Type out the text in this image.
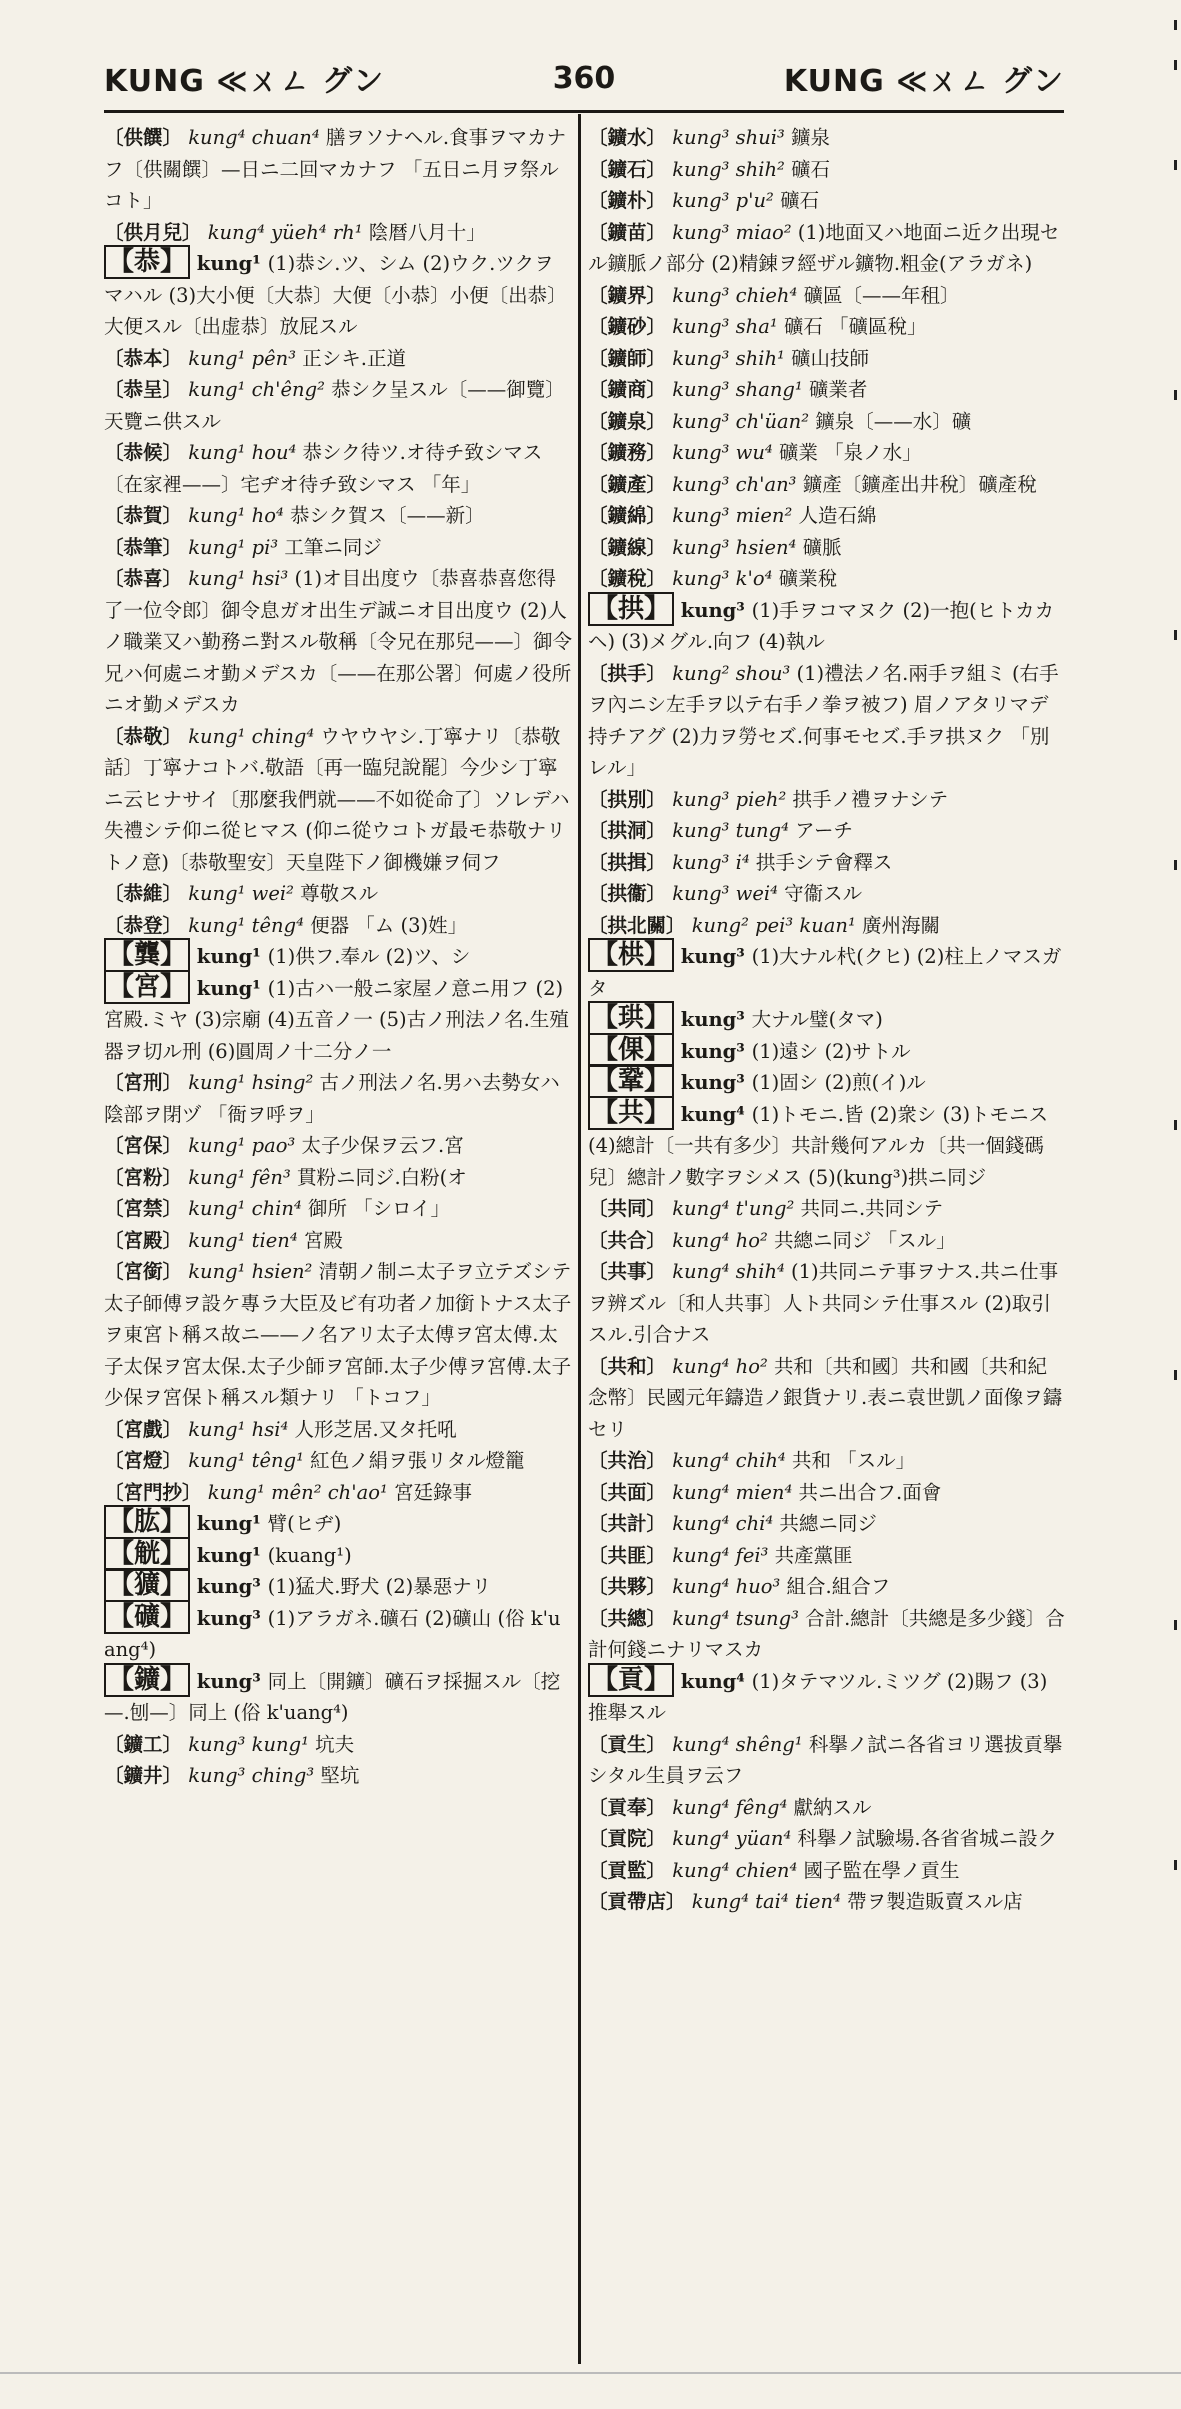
KUNG ≪ㄨㄥ グン	360	KUNG ≪ㄨㄥ グン

〔供饌〕 kung⁴ chuan⁴ 膳ヲソナヘル.食事ヲマカナフ〔供關饌〕—日ニ二回マカナフ 「五日ニ月ヲ祭ルコト」

〔供月兒〕 kung⁴ yüeh⁴ rh¹ 陰暦八月十」

【恭】 kung¹ (1)恭シ.ツ、シム (2)ウク.ツクヲマハル (3)大小便〔大恭〕大便〔小恭〕小便〔出恭〕大便スル〔出虚恭〕放屁スル

〔恭本〕 kung¹ pên³ 正シキ.正道

〔恭呈〕 kung¹ ch'êng² 恭シク呈スル〔——御覽〕天覽ニ供スル

〔恭候〕 kung¹ hou⁴ 恭シク待ツ.オ待チ致シマス〔在家裡——〕宅ヂオ待チ致シマス 「年」

〔恭賀〕 kung¹ ho⁴ 恭シク賀ス〔——新〕

〔恭筆〕 kung¹ pi³ 工筆ニ同ジ

〔恭喜〕 kung¹ hsi³ (1)オ目出度ウ〔恭喜恭喜您得了一位令郎〕御令息ガオ出生デ誠ニオ目出度ウ (2)人ノ職業又ハ勤務ニ對スル敬稱〔令兄在那兒——〕御令兄ハ何處ニオ勤メデスカ〔——在那公署〕何處ノ役所ニオ勤メデスカ

〔恭敬〕 kung¹ ching⁴ ウヤウヤシ.丁寧ナリ〔恭敬話〕丁寧ナコトバ.敬語〔再一臨兒說罷〕今少シ丁寧ニ云ヒナサイ〔那麼我們就——不如從命了〕ソレデハ失禮シテ仰ニ從ヒマス (仰ニ從ウコトガ最モ恭敬ナリトノ意)〔恭敬聖安〕天皇陛下ノ御機嫌ヲ伺フ

〔恭維〕 kung¹ wei² 尊敬スル

〔恭登〕 kung¹ têng⁴ 便器 「ム (3)姓」

【龔】 kung¹ (1)供フ.奉ル (2)ツ、シ

【宮】 kung¹ (1)古ハ一般ニ家屋ノ意ニ用フ (2)宮殿.ミヤ (3)宗廟 (4)五音ノ一 (5)古ノ刑法ノ名.生殖器ヲ切ル刑 (6)圓周ノ十二分ノ一

〔宮刑〕 kung¹ hsing² 古ノ刑法ノ名.男ハ去勢女ハ陰部ヲ閉ヅ 「衙ヲ呼ヲ」

〔宮保〕 kung¹ pao³ 太子少保ヲ云フ.宮

〔宮粉〕 kung¹ fên³ 貫粉ニ同ジ.白粉(オ

〔宮禁〕 kung¹ chin⁴ 御所 「シロイ」

〔宮殿〕 kung¹ tien⁴ 宮殿

〔宮銜〕 kung¹ hsien² 清朝ノ制ニ太子ヲ立テズシテ太子師傅ヲ設ケ專ラ大臣及ビ有功者ノ加銜トナス太子ヲ東宮ト稱ス故ニ——ノ名アリ太子太傅ヲ宮太傅.太子太保ヲ宮太保.太子少師ヲ宮師.太子少傅ヲ宮傅.太子少保ヲ宮保ト稱スル類ナリ 「トコフ」

〔宮戲〕 kung¹ hsi⁴ 人形芝居.又タ托吼

〔宮燈〕 kung¹ têng¹ 紅色ノ絹ヲ張リタル燈籠

〔宮門抄〕 kung¹ mên² ch'ao¹ 宮廷錄事

【肱】 kung¹ 臂(ヒヂ)

【觥】 kung¹ (kuang¹)

【獷】 kung³ (1)猛犬.野犬 (2)暴惡ナリ

【礦】 kung³ (1)アラガネ.礦石 (2)礦山 (俗 k'uang⁴)

【鑛】 kung³ 同上〔開鑛〕礦石ヲ採掘スル〔挖—.刨—〕同上 (俗 k'uang⁴)

〔鑛工〕 kung³ kung¹ 坑夫

〔鑛井〕 kung³ ching³ 堅坑

〔鑛水〕 kung³ shui³ 鑛泉

〔鑛石〕 kung³ shih² 礦石

〔鑛朴〕 kung³ p'u² 礦石

〔鑛苗〕 kung³ miao² (1)地面又ハ地面ニ近ク出現セル鑛脈ノ部分 (2)精錬ヲ經ザル鑛物.粗金(アラガネ)

〔鑛界〕 kung³ chieh⁴ 礦區〔——年租〕

〔鑛砂〕 kung³ sha¹ 礦石 「礦區稅」

〔鑛師〕 kung³ shih¹ 礦山技師

〔鑛商〕 kung³ shang¹ 礦業者

〔鑛泉〕 kung³ ch'üan² 鑛泉〔——水〕礦

〔鑛務〕 kung³ wu⁴ 礦業 「泉ノ水」

〔鑛產〕 kung³ ch'an³ 鑛產〔鑛產出井稅〕礦產稅

〔鑛綿〕 kung³ mien² 人造石綿

〔鑛線〕 kung³ hsien⁴ 礦脈

〔鑛稅〕 kung³ k'o⁴ 礦業稅

【拱】 kung³ (1)手ヲコマヌク (2)一抱(ヒトカカヘ) (3)メグル.向フ (4)執ル

〔拱手〕 kung² shou³ (1)禮法ノ名.兩手ヲ組ミ (右手ヲ內ニシ左手ヲ以テ右手ノ拳ヲ被フ) 眉ノアタリマデ持チアグ (2)力ヲ勞セズ.何事モセズ.手ヲ拱ヌク 「別レル」

〔拱別〕 kung³ pieh² 拱手ノ禮ヲナシテ

〔拱洞〕 kung³ tung⁴ アーチ

〔拱揖〕 kung³ i⁴ 拱手シテ會釋ス

〔拱衞〕 kung³ wei⁴ 守衞スル

〔拱北關〕 kung² pei³ kuan¹ 廣州海關

【栱】 kung³ (1)大ナル杙(クヒ) (2)柱上ノマスガタ

【珙】 kung³ 大ナル璧(タマ)

【倮】 kung³ (1)遠シ (2)サトル

【鞏】 kung³ (1)固シ (2)煎(イ)ル

【共】 kung⁴ (1)トモニ.皆 (2)衆シ (3)トモニス (4)總計〔一共有多少〕共計幾何アルカ〔共一個錢碼兒〕總計ノ數字ヲシメス (5)(kung³)拱ニ同ジ

〔共同〕 kung⁴ t'ung² 共同ニ.共同シテ

〔共合〕 kung⁴ ho² 共總ニ同ジ 「スル」

〔共事〕 kung⁴ shih⁴ (1)共同ニテ事ヲナス.共ニ仕事ヲ辨ズル〔和人共事〕人ト共同シテ仕事スル (2)取引スル.引合ナス

〔共和〕 kung⁴ ho² 共和〔共和國〕共和國〔共和紀念幣〕民國元年鑄造ノ銀貨ナリ.表ニ袁世凱ノ面像ヲ鑄セリ

〔共治〕 kung⁴ chih⁴ 共和 「スル」

〔共面〕 kung⁴ mien⁴ 共ニ出合フ.面會

〔共計〕 kung⁴ chi⁴ 共總ニ同ジ

〔共匪〕 kung⁴ fei³ 共產黨匪

〔共夥〕 kung⁴ huo³ 組合.組合フ

〔共總〕 kung⁴ tsung³ 合計.總計〔共總是多少錢〕合計何錢ニナリマスカ

【貢】 kung⁴ (1)タテマツル.ミツグ (2)賜フ (3)推舉スル

〔貢生〕 kung⁴ shêng¹ 科擧ノ試ニ各省ヨリ選拔貢擧シタル生員ヲ云フ

〔貢奉〕 kung⁴ fêng⁴ 獻納スル

〔貢院〕 kung⁴ yüan⁴ 科擧ノ試驗場.各省省城ニ設ク

〔貢監〕 kung⁴ chien⁴ 國子監在學ノ貢生

〔貢帶店〕 kung⁴ tai⁴ tien⁴ 帶ヲ製造販賣スル店
